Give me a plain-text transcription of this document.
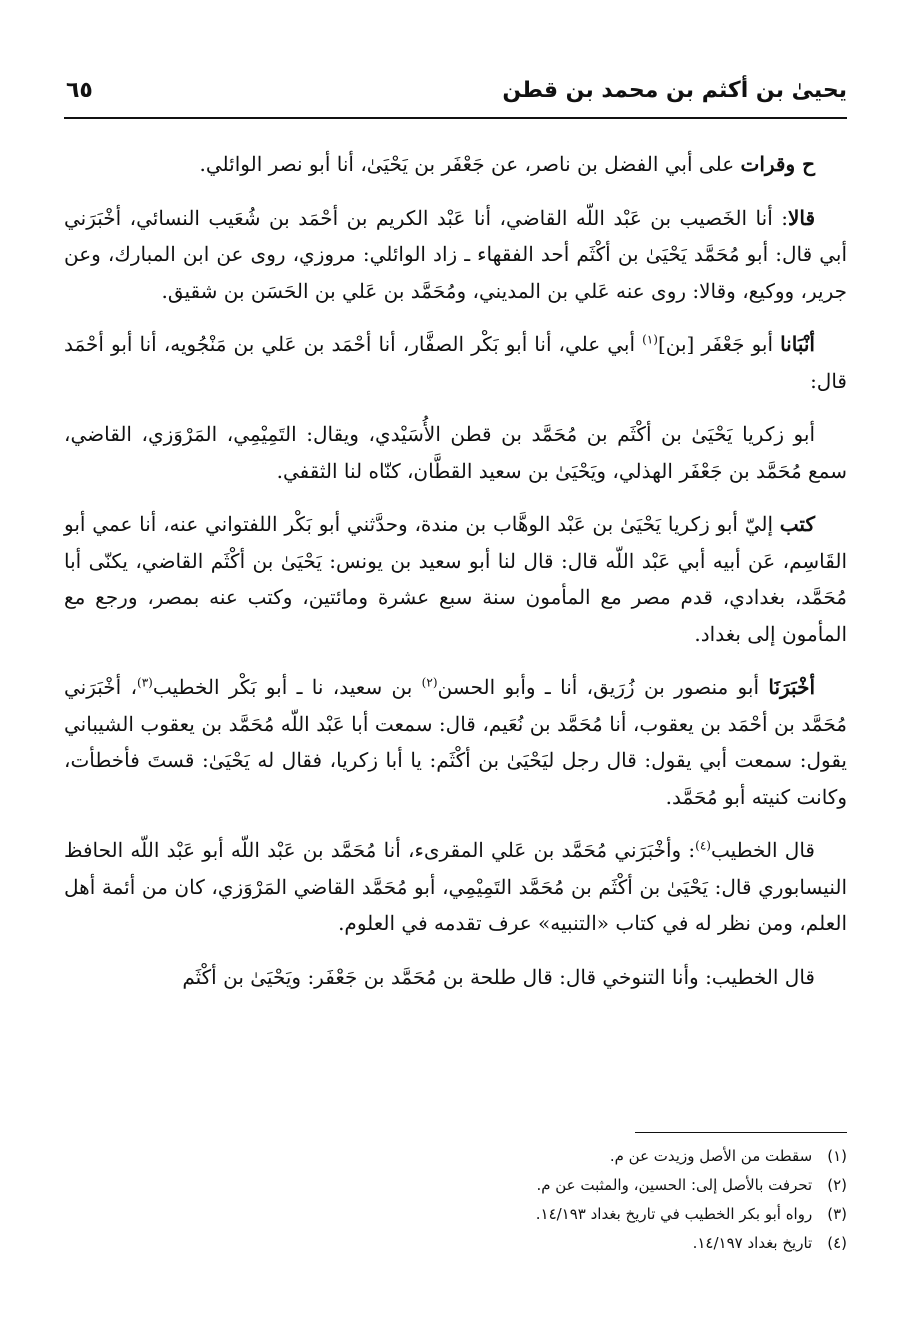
يحيىٰ بن أكثم بن محمد بن قطن
٦٥

ح وقرات على أبي الفضل بن ناصر، عن جَعْفَر بن يَحْيَىٰ، أنا أبو نصر الوائلي.

قالا: أنا الخَصيب بن عَبْد اللّه القاضي، أنا عَبْد الكريم بن أحْمَد بن شُعَيب النسائي، أخْبَرَني أبي قال: أبو مُحَمَّد يَحْيَىٰ بن أكْثَم أحد الفقهاء ـ زاد الوائلي: مروزي، روى عن ابن المبارك، وعن جرير، ووكيع، وقالا: روى عنه عَلي بن المديني، ومُحَمَّد بن عَلي بن الحَسَن بن شقيق.

أنْبَانا أبو جَعْفَر [بن]$^{(١)}$ أبي علي، أنا أبو بَكْر الصفَّار، أنا أحْمَد بن عَلي بن مَنْجُويه، أنا أبو أحْمَد قال:

أبو زكريا يَحْيَىٰ بن أكْثَم بن مُحَمَّد بن قطن الأُسَيْدي، ويقال: التَمِيْمِي، المَرْوَزي، القاضي، سمع مُحَمَّد بن جَعْفَر الهذلي، ويَحْيَىٰ بن سعيد القطَّان، كنّاه لنا الثقفي.

كتب إليّ أبو زكريا يَحْيَىٰ بن عَبْد الوهَّاب بن مندة، وحدَّثني أبو بَكْر اللفتواني عنه، أنا عمي أبو القَاسِم، عَن أبيه أبي عَبْد اللّه قال: قال لنا أبو سعيد بن يونس: يَحْيَىٰ بن أكْثَم القاضي، يكنّى أبا مُحَمَّد، بغدادي، قدم مصر مع المأمون سنة سبع عشرة ومائتين، وكتب عنه بمصر، ورجع مع المأمون إلى بغداد.

أخْبَرَنَا أبو منصور بن زُرَيق، أنا ـ وأبو الحسن$^{(٢)}$ بن سعيد، نا ـ أبو بَكْر الخطيب$^{(٣)}$، أخْبَرَني مُحَمَّد بن أحْمَد بن يعقوب، أنا مُحَمَّد بن نُعَيم، قال: سمعت أبا عَبْد اللّه مُحَمَّد بن يعقوب الشيباني يقول: سمعت أبي يقول: قال رجل ليَحْيَىٰ بن أكْثَم: يا أبا زكريا، فقال له يَحْيَىٰ: قستَ فأخطأت، وكانت كنيته أبو مُحَمَّد.

قال الخطيب$^{(٤)}$: وأخْبَرَني مُحَمَّد بن عَلي المقرىء، أنا مُحَمَّد بن عَبْد اللّه أبو عَبْد اللّه الحافظ النيسابوري قال: يَحْيَىٰ بن أكْثَم بن مُحَمَّد التَمِيْمِي، أبو مُحَمَّد القاضي المَرْوَزي، كان من أئمة أهل العلم، ومن نظر له في كتاب «التنبيه» عرف تقدمه في العلوم.

قال الخطيب: وأنا التنوخي قال: قال طلحة بن مُحَمَّد بن جَعْفَر: ويَحْيَىٰ بن أكْثَم

(١) سقطت من الأصل وزيدت عن م.
(٢) تحرفت بالأصل إلى: الحسين، والمثبت عن م.
(٣) رواه أبو بكر الخطيب في تاريخ بغداد ١٤/١٩٣.
(٤) تاريخ بغداد ١٤/١٩٧.
